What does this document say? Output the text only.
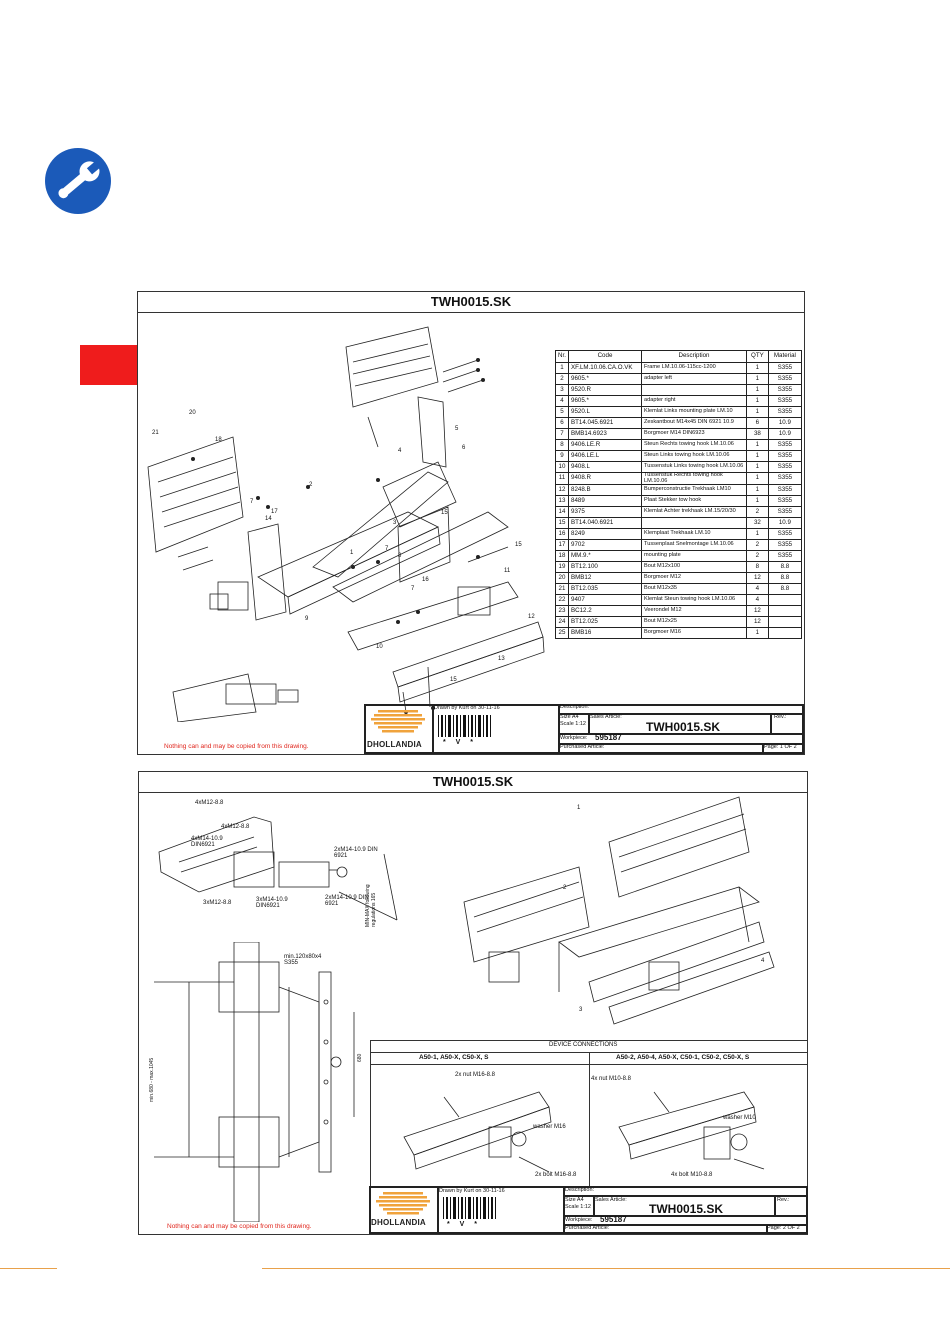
TWH0015.SK
20
21
18
4
5
6
7
17
14
1	8
15
7
3
2
9
16
7
11
15
12
10
13
15
Nr.	Code	Description	QTY	Material
1	XF.LM.10.06.CA.O.VK	Frame LM.10.06-115cc-1200	1	S355
2	9605.*	adapter left	1	S355
3	9520.R		1	S355
4	9605.*	adapter right	1	S355
5	9520.L	Klemlat Links mounting plate LM.10	1	S355
6	BT14.045.6921	Zeskantbout M14x45 DIN 6921 10.9	6	10.9
7	BMB14.6923	Borgmoer M14 DIN6923	38	10.9
8	9406.LE.R	Steun Rechts towing hook LM.10.06	1	S355
9	9406.LE.L	Steun Links towing hook LM.10.06	1	S355
10	9408.L	Tussenstuk Links towing hook LM.10.06	1	S355
11	9408.R	Tussenstuk Rechts towing hook LM.10.06	1	S355
12	8248.B	Bumperconstructie Trekhaak LM10	1	S355
13	8489	Plaat Stekker tow hook	1	S355
14	9375	Klemlat Achter trekhaak LM.15/20/30	2	S355
15	BT14.040.6921		32	10.9
16	8249	Klemplaat Trekhaak LM.10	1	S355
17	9702	Tussenplaat Snelmontage LM.10.06	2	S355
18	MM.9.*	mounting plate	2	S355
19	BT12.100	Bout M12x100	8	8.8
20	BMB12	Borgmoer M12	12	8.8
21	BT12.035	Bout M12x35	4	8.8
22	9407	Klemlat Steun towing hook LM.10.06	4	
23	BC12.2	Veerondel M12	12	
24	BT12.025	Bout M12x25	12	
25	BMB16	Borgmoer M16	1	
DHOLLANDIA
Drawn by Kurt on 30-11-16
* V *
Description:
Size A4
Scale 1:12
Sales Article:
TWH0015.SK
Rev.:
Workpiece: 595187
Purchased Article:	Page: 1 OF 2
Nothing can and may be copied from this drawing.
TWH0015.SK
4xM12-8.8
4xM12-8.8
4xM14-10.9 DIN6921
2xM14-10.9 DIN 6921
3xM12-8.8	3xM14-10.9 DIN6921
2xM14-10.9 DIN 6921	MIN-MAX following regulations 165
min.120x80x4 S355
min.680 - max.1045	680
1
2
3
4
DEVICE CONNECTIONS
A50-1, A50-X, C50-X, S	A50-2, A50-4, A50-X, C50-1, C50-2, C50-X, S
2x nut M16-8.8
washer M16
2x bolt M16-8.8
4x nut M10-8.8
washer M10
4x bolt M10-8.8
DHOLLANDIA
Drawn by Kurt on 30-11-16
* V *
Description:
Size A4
Scale 1:12
Sales Article:
TWH0015.SK
Rev.:
Workpiece: 595187
Purchased Article:	Page: 2 OF 2
Nothing can and may be copied from this drawing.
